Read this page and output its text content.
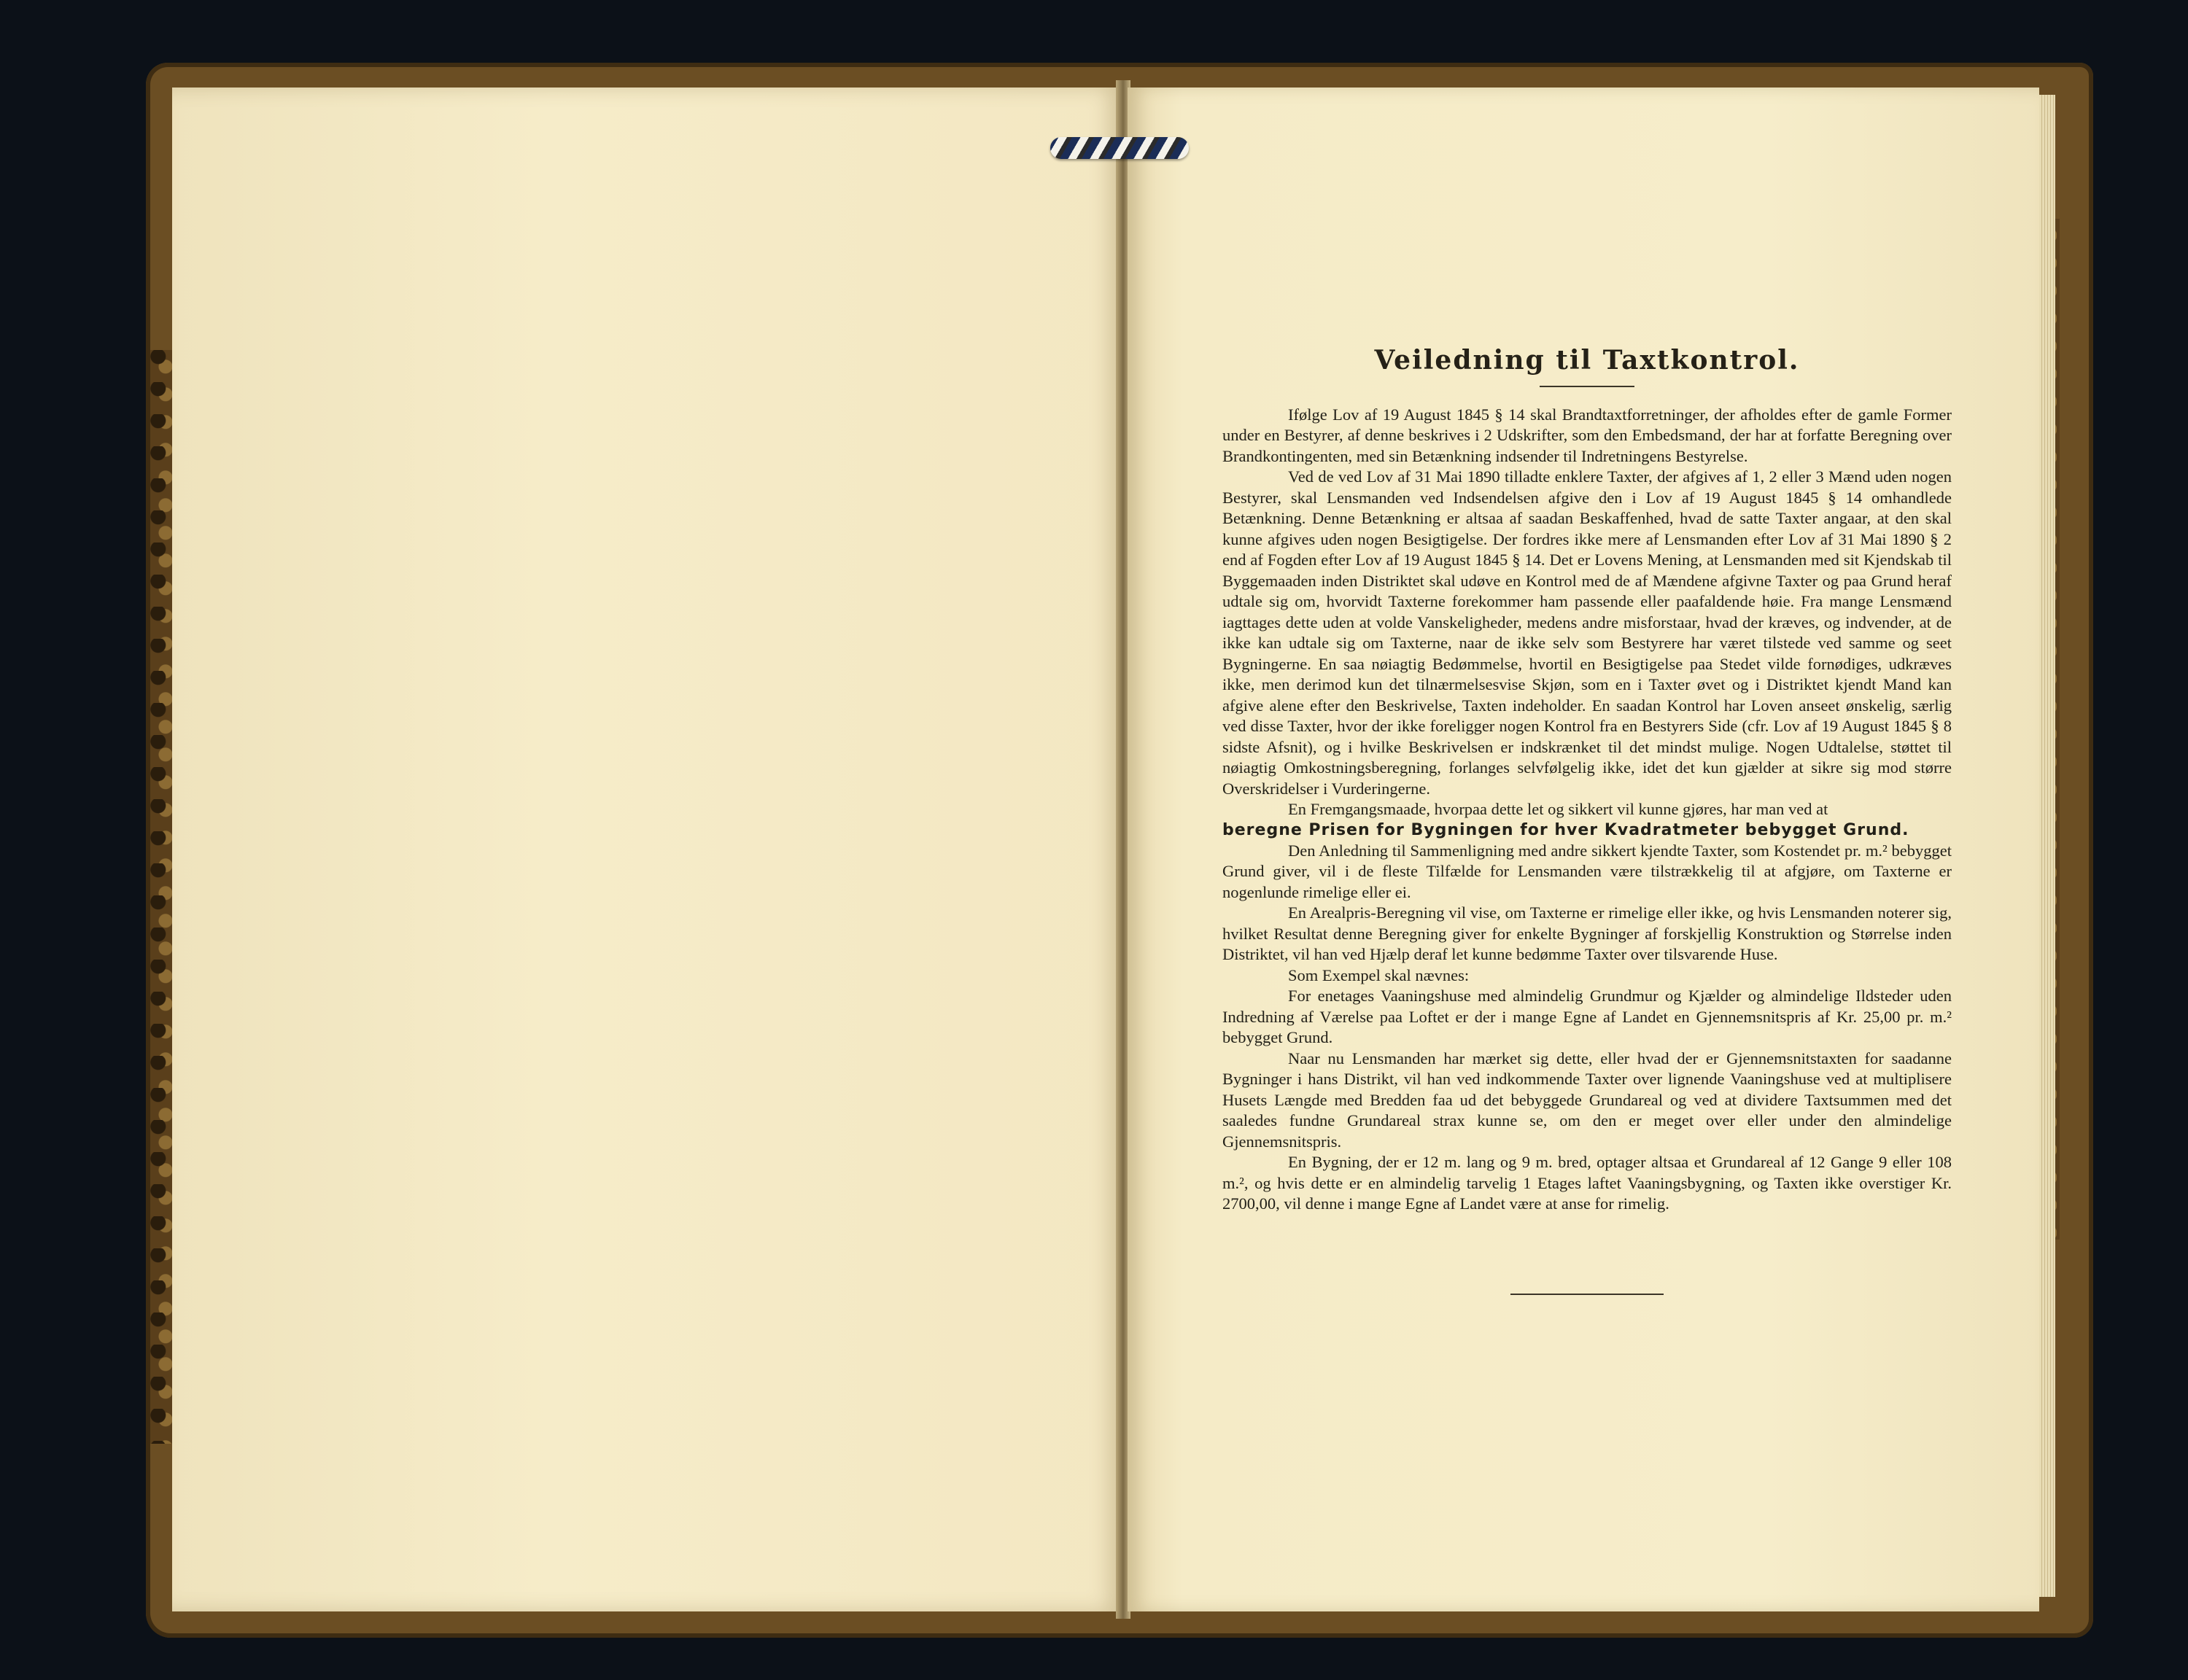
Veiledning til Taxtkontrol.

Ifølge Lov af 19 August 1845 § 14 skal Brandtaxtforretninger, der afholdes efter de gamle Former under en Bestyrer, af denne beskrives i 2 Udskrifter, som den Embedsmand, der har at forfatte Beregning over Brandkontingenten, med sin Betænkning indsender til Indretningens Bestyrelse.

Ved de ved Lov af 31 Mai 1890 tilladte enklere Taxter, der afgives af 1, 2 eller 3 Mænd uden nogen Bestyrer, skal Lensmanden ved Indsendelsen afgive den i Lov af 19 August 1845 § 14 omhandlede Betænkning. Denne Betænkning er altsaa af saadan Beskaffenhed, hvad de satte Taxter angaar, at den skal kunne afgives uden nogen Besigtigelse. Der fordres ikke mere af Lensmanden efter Lov af 31 Mai 1890 § 2 end af Fogden efter Lov af 19 August 1845 § 14. Det er Lovens Mening, at Lensmanden med sit Kjendskab til Byggemaaden inden Distriktet skal udøve en Kontrol med de af Mændene afgivne Taxter og paa Grund heraf udtale sig om, hvorvidt Taxterne forekommer ham passende eller paafaldende høie. Fra mange Lensmænd iagttages dette uden at volde Vanskeligheder, medens andre misforstaar, hvad der kræves, og indvender, at de ikke kan udtale sig om Taxterne, naar de ikke selv som Bestyrere har været tilstede ved samme og seet Bygningerne. En saa nøiagtig Bedømmelse, hvortil en Besigtigelse paa Stedet vilde fornødiges, udkræves ikke, men derimod kun det tilnærmelsesvise Skjøn, som en i Taxter øvet og i Distriktet kjendt Mand kan afgive alene efter den Beskrivelse, Taxten indeholder. En saadan Kontrol har Loven anseet ønskelig, særlig ved disse Taxter, hvor der ikke foreligger nogen Kontrol fra en Bestyrers Side (cfr. Lov af 19 August 1845 § 8 sidste Afsnit), og i hvilke Beskrivelsen er indskrænket til det mindst mulige. Nogen Udtalelse, støttet til nøiagtig Omkostningsberegning, forlanges selvfølgelig ikke, idet det kun gjælder at sikre sig mod større Overskridelser i Vurderingerne.

En Fremgangsmaade, hvorpaa dette let og sikkert vil kunne gjøres, har man ved at

beregne Prisen for Bygningen for hver Kvadratmeter bebygget Grund.

Den Anledning til Sammenligning med andre sikkert kjendte Taxter, som Kostendet pr. m.² bebygget Grund giver, vil i de fleste Tilfælde for Lensmanden være tilstrækkelig til at afgjøre, om Taxterne er nogenlunde rimelige eller ei.

En Arealpris-Beregning vil vise, om Taxterne er rimelige eller ikke, og hvis Lensmanden noterer sig, hvilket Resultat denne Beregning giver for enkelte Bygninger af forskjellig Konstruktion og Størrelse inden Distriktet, vil han ved Hjælp deraf let kunne bedømme Taxter over tilsvarende Huse.

Som Exempel skal nævnes:

For enetages Vaaningshuse med almindelig Grundmur og Kjælder og almindelige Ildsteder uden Indredning af Værelse paa Loftet er der i mange Egne af Landet en Gjennemsnitspris af Kr. 25,00 pr. m.² bebygget Grund.

Naar nu Lensmanden har mærket sig dette, eller hvad der er Gjennemsnitstaxten for saadanne Bygninger i hans Distrikt, vil han ved indkommende Taxter over lignende Vaaningshuse ved at multiplisere Husets Længde med Bredden faa ud det bebyggede Grundareal og ved at dividere Taxtsummen med det saaledes fundne Grundareal strax kunne se, om den er meget over eller under den almindelige Gjennemsnitspris.

En Bygning, der er 12 m. lang og 9 m. bred, optager altsaa et Grundareal af 12 Gange 9 eller 108 m.², og hvis dette er en almindelig tarvelig 1 Etages laftet Vaaningsbygning, og Taxten ikke overstiger Kr. 2700,00, vil denne i mange Egne af Landet være at anse for rimelig.
